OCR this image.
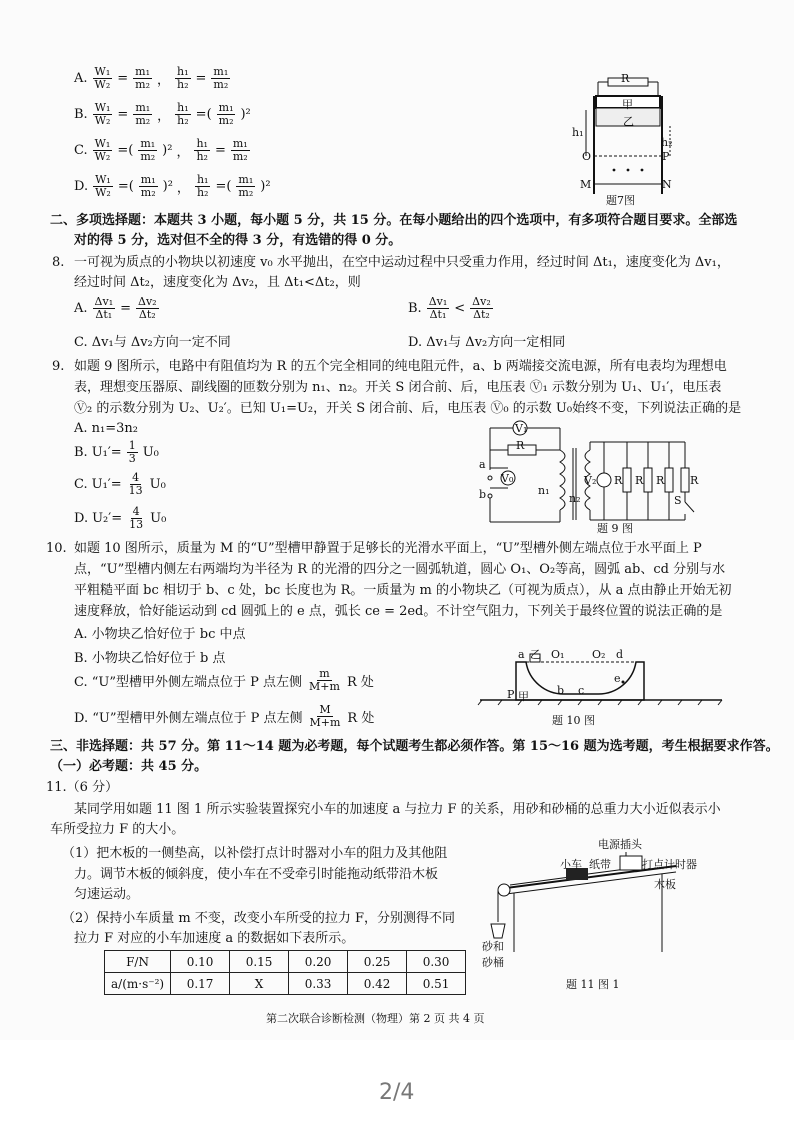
A. $\frac{\text{W₁}}{\text{W₂}} = \frac{\text{m₁}}{\text{m₂}}$ ， $\frac{\text{h₁}}{\text{h₂}} = \frac{\text{m₁}}{\text{m₂}}$
B. $\frac{\text{W₁}}{\text{W₂}} = \frac{\text{m₁}}{\text{m₂}}$ ， $\frac{\text{h₁}}{\text{h₂}}$ =( $\frac{\text{m₁}}{\text{m₂}} )^2$
C. $\frac{\text{W₁}}{\text{W₂}}$ =( $\frac{\text{m₁}}{\text{m₂}} )^2$ ， $\frac{\text{h₁}}{\text{h₂}} = \frac{\text{m₁}}{\text{m₂}}$
D. $\frac{\text{W₁}}{\text{W₂}}$ =( $\frac{\text{m₁}}{\text{m₂}} )^2$ ， $\frac{\text{h₁}}{\text{h₂}}$ =( $\frac{\text{m₁}}{\text{m₂}} )^2$
R
甲
乙
h₁
h₂
O	P
M	N
题7图
二、多项选择题：本题共 3 小题，每小题 5 分，共 15 分。在每小题给出的四个选项中，有多项符合题目要求。全部选
对的得 5 分，选对但不全的得 3 分，有选错的得 0 分。
8. 一可视为质点的小物块以初速度 v₀ 水平抛出，在空中运动过程中只受重力作用，经过时间 Δt₁，速度变化为 Δv₁，
经过时间 Δt₂，速度变化为 Δv₂，且 Δt₁<Δt₂，则
A. $\frac{\text{Δv₁}}{\text{Δt₁}} = \frac{\text{Δv₂}}{\text{Δt₂}}$	B. $\frac{\text{Δv₁}}{\text{Δt₁}} < \frac{\text{Δv₂}}{\text{Δt₂}}$
C. Δv₁与 Δv₂方向一定不同	D. Δv₁与 Δv₂方向一定相同
9. 如题 9 图所示，电路中有阻值均为 R 的五个完全相同的纯电阻元件，a、b 两端接交流电源，所有电表均为理想电
表，理想变压器原、副线圈的匝数分别为 n₁、n₂。开关 S 闭合前、后，电压表 Ⓥ₁ 示数分别为 U₁、U₁′，电压表
Ⓥ₂ 的示数分别为 U₂、U₂′。已知 U₁=U₂，开关 S 闭合前、后，电压表 Ⓥ₀ 的示数 U₀始终不变，下列说法正确的是
A. n₁=3n₂
B. $U_1'= \frac{1}{3} U_0$
C. $U_1'= \frac{4}{13} U_0$
D. $U_2'= \frac{4}{13} U_0$
V₁
R
a
V₀
b	n₁
V₂
n₂
R R R R
S
题 9 图
10. 如题 10 图所示，质量为 M 的“U”型槽甲静置于足够长的光滑水平面上，“U”型槽外侧左端点位于水平面上 P
点，“U”型槽内侧左右两端均为半径为 R 的光滑的四分之一圆弧轨道，圆心 O₁、O₂等高，圆弧 ab、cd 分别与水
平粗糙平面 bc 相切于 b、c 处，bc 长度也为 R。一质量为 m 的小物块乙（可视为质点），从 a 点由静止开始无初
速度释放，恰好能运动到 cd 圆弧上的 e 点，弧长 ce = 2ed。不计空气阻力，下列关于最终位置的说法正确的是
A. 小物块乙恰好位于 bc 中点
B. 小物块乙恰好位于 b 点
C. “U”型槽甲外侧左端点位于 P 点左侧 $\frac{m}{M+m}$ R 处
D. “U”型槽甲外侧左端点位于 P 点左侧 $\frac{M}{M+m}$ R 处
a 乙 O₁	O₂ d
e
b c
P 甲
题 10 图
三、非选择题：共 57 分。第 11～14 题为必考题，每个试题考生都必须作答。第 15～16 题为选考题，考生根据要求作答。
（一）必考题：共 45 分。
11.（6 分）
某同学用如题 11 图 1 所示实验装置探究小车的加速度 a 与拉力 F 的关系，用砂和砂桶的总重力大小近似表示小
车所受拉力 F 的大小。
（1）把木板的一侧垫高，以补偿打点计时器对小车的阻力及其他阻
力。调节木板的倾斜度，使小车在不受牵引时能拖动纸带沿木板
匀速运动。
（2）保持小车质量 m 不变，改变小车所受的拉力 F，分别测得不同
拉力 F 对应的小车加速度 a 的数据如下表所示。
F/N	0.10	0.15	0.20	0.25	0.30
a/(m·s⁻²)	0.17	X	0.33	0.42	0.51
电源插头
小车 纸带	打点计时器
木板
砂和
砂桶
题 11 图 1
第二次联合诊断检测（物理）第 2 页 共 4 页
2/4
